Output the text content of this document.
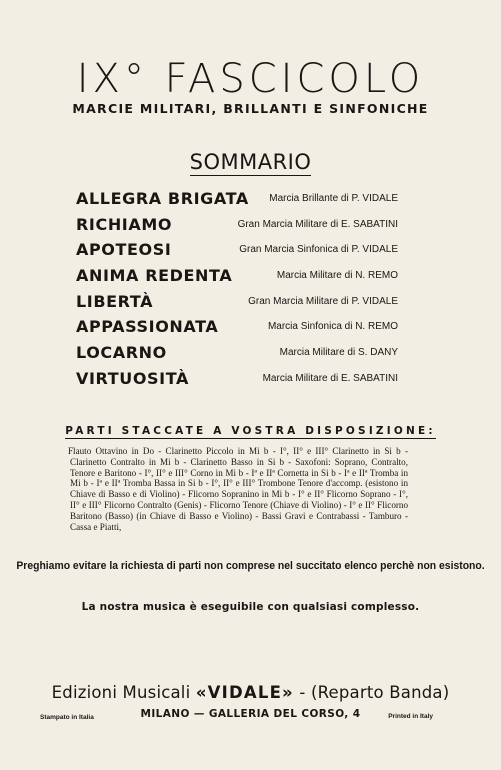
IX° FASCICOLO
MARCIE MILITARI, BRILLANTI E SINFONICHE
SOMMARIO
ALLEGRA BRIGATA Marcia Brillante di P. VIDALE
RICHIAMO	Gran Marcia Militare di E. SABATINI
APOTEOSI	Gran Marcia Sinfonica di P. VIDALE
ANIMA REDENTA	Marcia Militare di N. REMO
LIBERTÀ	Gran Marcia Militare di P. VIDALE
APPASSIONATA	Marcia Sinfonica di N. REMO
LOCARNO	Marcia Militare di S. DANY
VIRTUOSITÀ	Marcia Militare di E. SABATINI
PARTI STACCATE A VOSTRA DISPOSIZIONE:
Flauto Ottavino in Do - Clarinetto Piccolo in Mi b - I°, II° e III° Clarinetto in Si b - Clarinetto Contralto in Mi b - Clarinetto Basso in Si b - Saxofoni: Soprano, Contralto, Tenore e Baritono - I°, II° e III° Corno in Mi b - Iª e IIª Cornetta in Si b - Iª e IIª Tromba in Mi b - Iª e IIª Tromba Bassa in Si b - I°, II° e III° Trombone Tenore d'accomp. (esistono in Chiave di Basso e di Violino) - Flicorno Sopranino in Mi b - I° e II° Flicorno Soprano - I°, II° e III° Flicorno Contralto (Genis) - Flicorno Tenore (Chiave di Violino) - I° e II° Flicorno Baritono (Basso) (in Chiave di Basso e Violino) - Bassi Gravi e Contrabassi - Tamburo - Cassa e Piatti,
Preghiamo evitare la richiesta di parti non comprese nel succitato elenco perchè non esistono.
La nostra musica è eseguibile con qualsiasi complesso.
Edizioni Musicali «VIDALE» - (Reparto Banda)
Stampato in Italia	MILANO — GALLERIA DEL CORSO, 4	Printed in Italy
